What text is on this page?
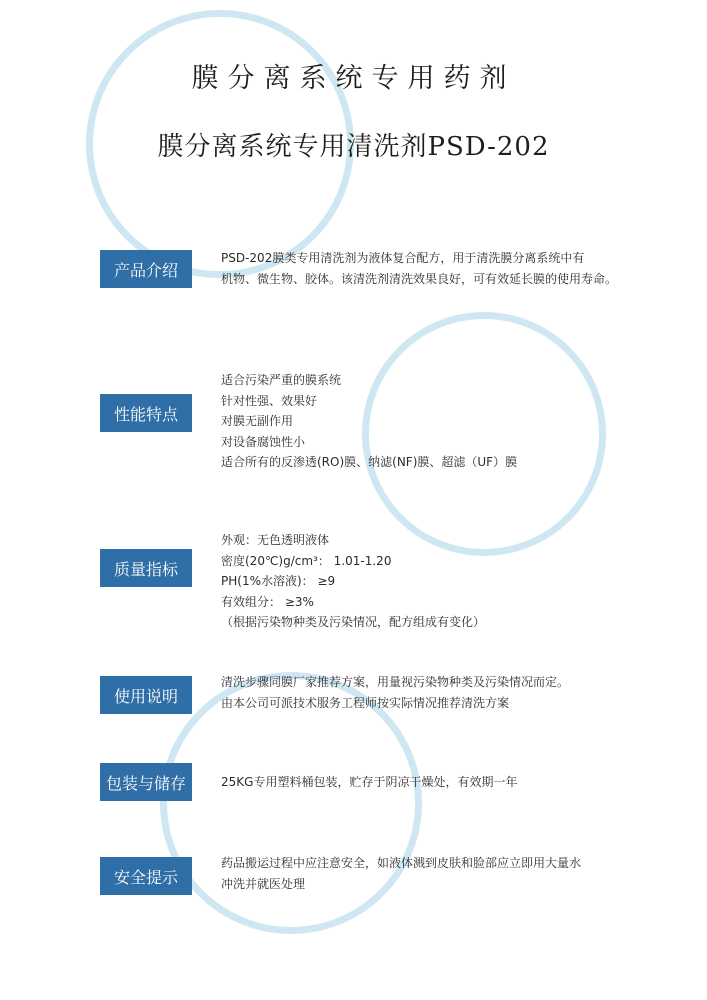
膜分离系统专用药剂
膜分离系统专用清洗剂PSD-202
产品介绍
PSD-202膜类专用清洗剂为液体复合配方，用于清洗膜分离系统中有
机物、微生物、胶体。该清洗剂清洗效果良好，可有效延长膜的使用寿命。
性能特点
适合污染严重的膜系统
针对性强、效果好
对膜无副作用
对设备腐蚀性小
适合所有的反渗透(RO)膜、纳滤(NF)膜、超滤（UF）膜
质量指标
外观：无色透明液体
密度(20℃)g/cm³： 1.01-1.20
PH(1%水溶液)： ≥9
有效组分： ≥3%
（根据污染物种类及污染情况，配方组成有变化）
使用说明
清洗步骤同膜厂家推荐方案，用量视污染物种类及污染情况而定。
由本公司可派技术服务工程师按实际情况推荐清洗方案
包装与储存	25KG专用塑料桶包装，贮存于阴凉干燥处，有效期一年
安全提示
药品搬运过程中应注意安全，如液体溅到皮肤和脸部应立即用大量水
冲洗并就医处理
